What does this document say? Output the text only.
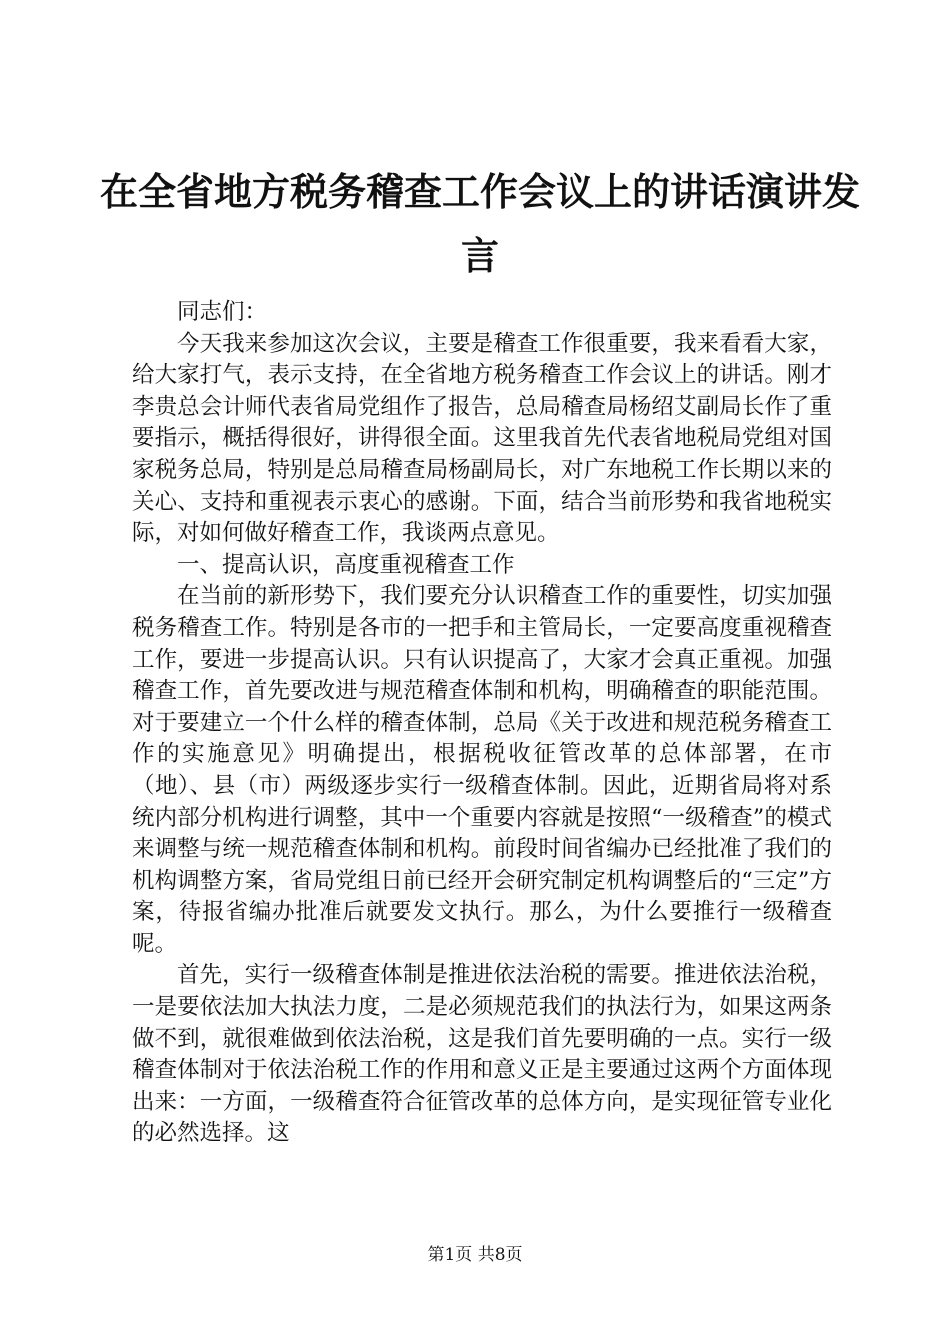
在全省地方税务稽查工作会议上的讲话演讲发言

同志们：

今天我来参加这次会议，主要是稽查工作很重要，我来看看大家，给大家打气，表示支持，在全省地方税务稽查工作会议上的讲话。刚才李贵总会计师代表省局党组作了报告，总局稽查局杨绍艾副局长作了重要指示，概括得很好，讲得很全面。这里我首先代表省地税局党组对国家税务总局，特别是总局稽查局杨副局长，对广东地税工作长期以来的关心、支持和重视表示衷心的感谢。下面，结合当前形势和我省地税实际，对如何做好稽查工作，我谈两点意见。

一、提高认识，高度重视稽查工作

在当前的新形势下，我们要充分认识稽查工作的重要性，切实加强税务稽查工作。特别是各市的一把手和主管局长，一定要高度重视稽查工作，要进一步提高认识。只有认识提高了，大家才会真正重视。加强稽查工作，首先要改进与规范稽查体制和机构，明确稽查的职能范围。对于要建立一个什么样的稽查体制，总局《关于改进和规范税务稽查工作的实施意见》明确提出，根据税收征管改革的总体部署，在市（地）、县（市）两级逐步实行一级稽查体制。因此，近期省局将对系统内部分机构进行调整，其中一个重要内容就是按照“一级稽查”的模式来调整与统一规范稽查体制和机构。前段时间省编办已经批准了我们的机构调整方案，省局党组日前已经开会研究制定机构调整后的“三定”方案，待报省编办批准后就要发文执行。那么，为什么要推行一级稽查呢。

首先，实行一级稽查体制是推进依法治税的需要。推进依法治税，一是要依法加大执法力度，二是必须规范我们的执法行为，如果这两条做不到，就很难做到依法治税，这是我们首先要明确的一点。实行一级稽查体制对于依法治税工作的作用和意义正是主要通过这两个方面体现出来：一方面，一级稽查符合征管改革的总体方向，是实现征管专业化的必然选择。这

第1页 共8页
